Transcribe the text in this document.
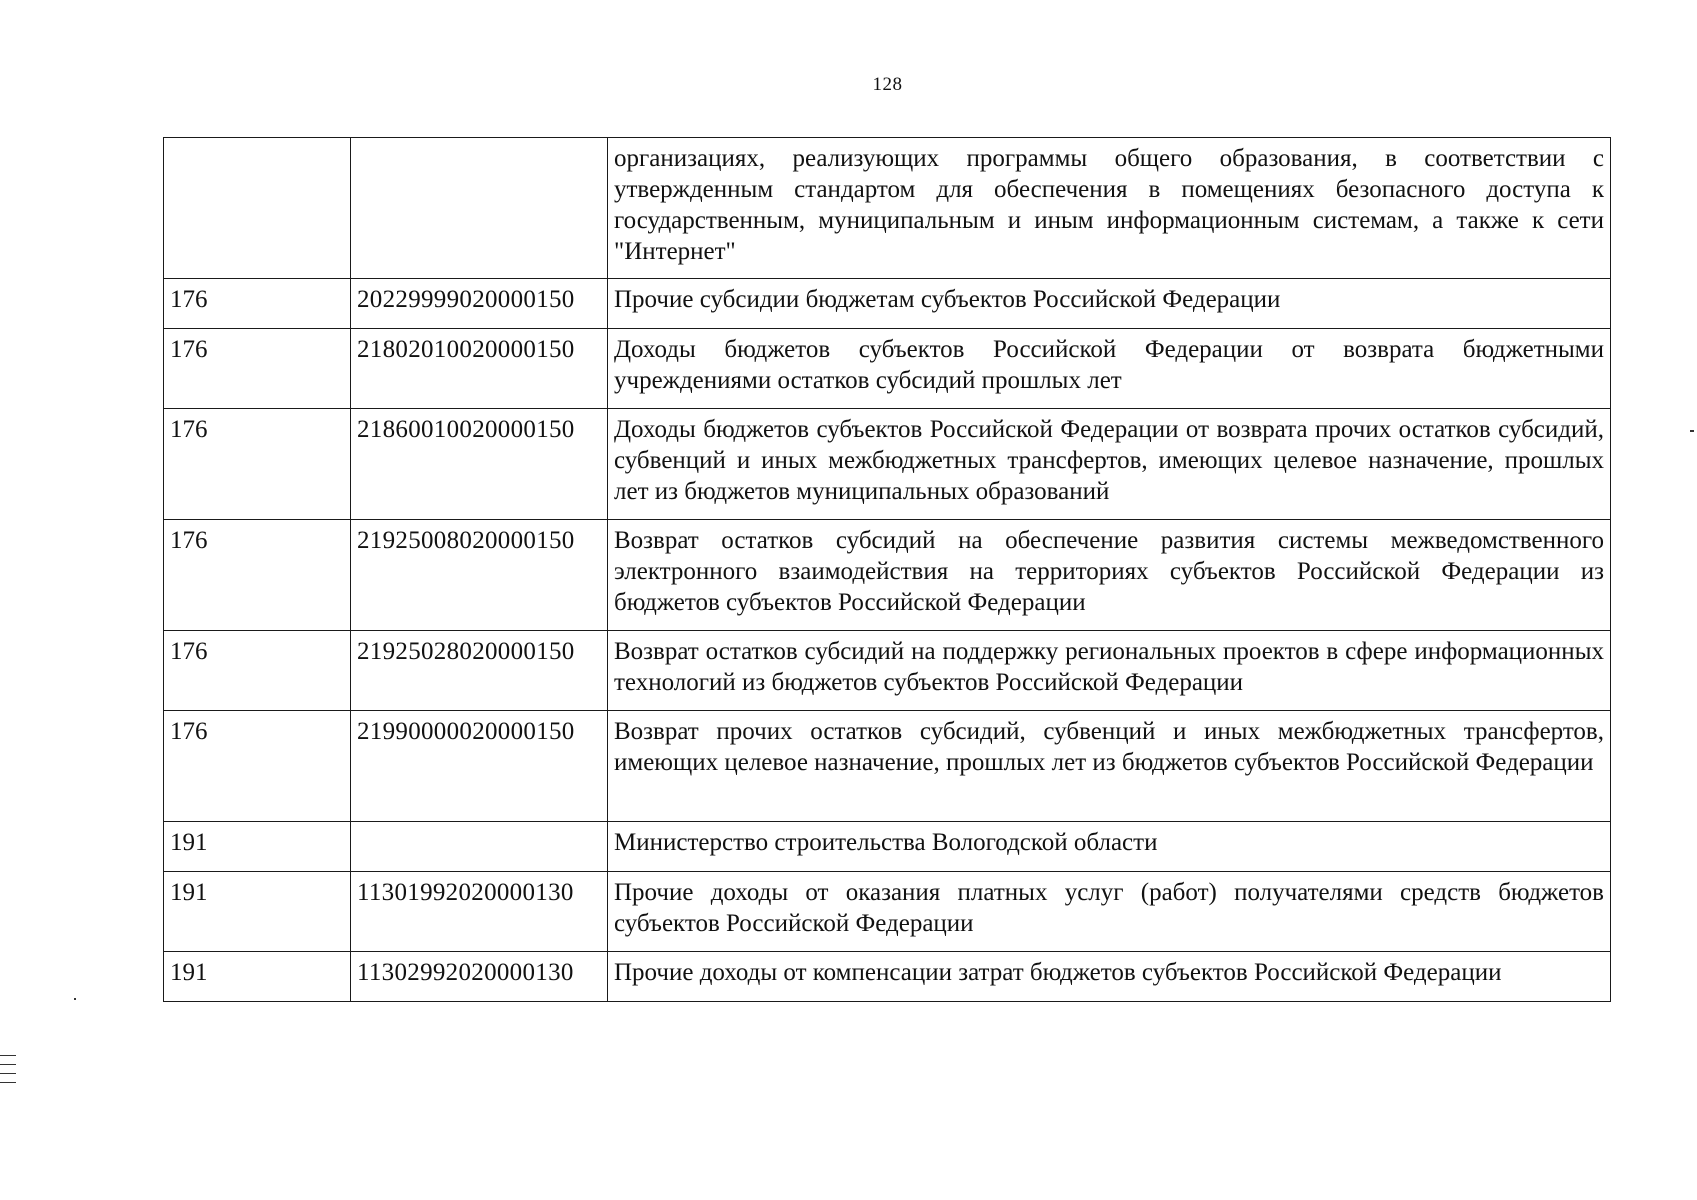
128
		организациях, реализующих программы общего образования, в соответствии с утвержденным стандартом для обеспечения в помещениях безопасного доступа к государственным, муниципальным и иным информационным системам, а также к сети "Интернет"
176	20229999020000150	Прочие субсидии бюджетам субъектов Российской Федерации
176	21802010020000150	Доходы бюджетов субъектов Российской Федерации от возврата бюджетными учреждениями остатков субсидий прошлых лет
176	21860010020000150	Доходы бюджетов субъектов Российской Федерации от возврата прочих остатков субсидий, субвенций и иных межбюджетных трансфертов, имеющих целевое назначение, прошлых лет из бюджетов муниципальных образований
176	21925008020000150	Возврат остатков субсидий на обеспечение развития системы межведомственного электронного взаимодействия на территориях субъектов Российской Федерации из бюджетов субъектов Российской Федерации
176	21925028020000150	Возврат остатков субсидий на поддержку региональных проектов в сфере информационных технологий из бюджетов субъектов Российской Федерации
176	21990000020000150	Возврат прочих остатков субсидий, субвенций и иных межбюджетных трансфертов, имеющих целевое назначение, прошлых лет из бюджетов субъектов Российской Федерации
191		Министерство строительства Вологодской области
191	11301992020000130	Прочие доходы от оказания платных услуг (работ) получателями средств бюджетов субъектов Российской Федерации
191	11302992020000130	Прочие доходы от компенсации затрат бюджетов субъектов Российской Федерации
